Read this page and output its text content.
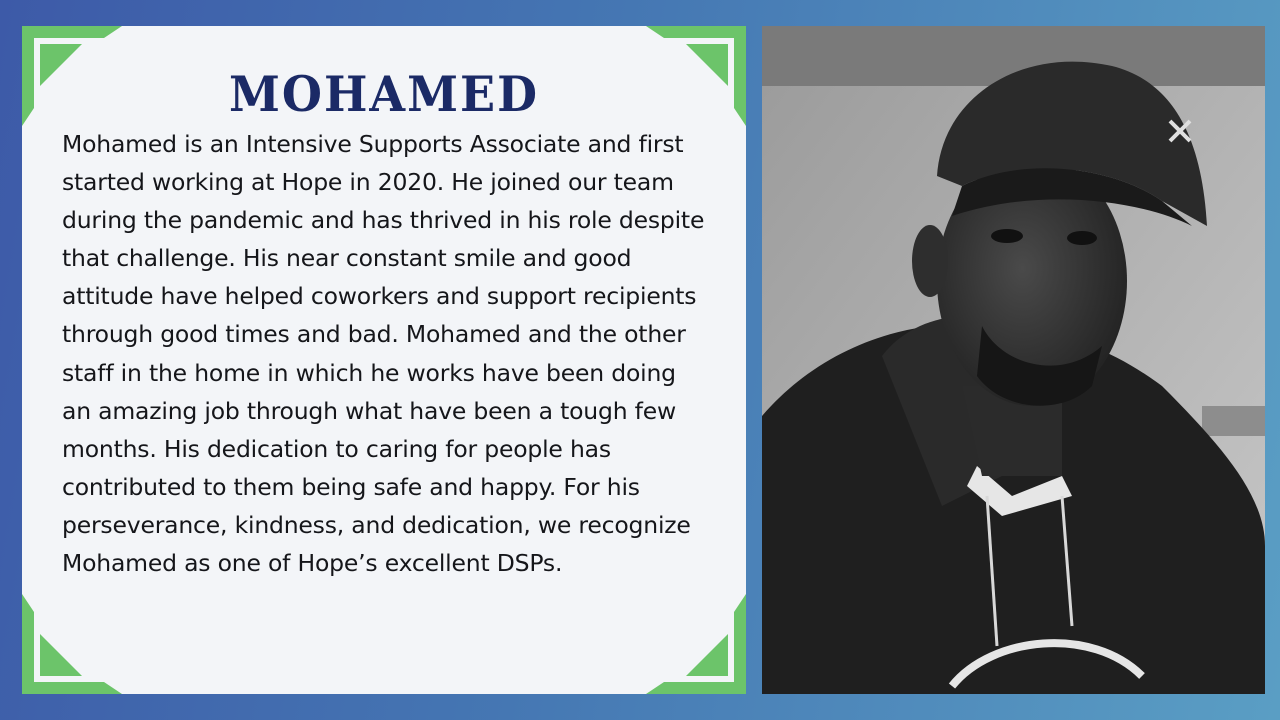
MOHAMED

Mohamed is an Intensive Supports Associate and first started working at Hope in 2020. He joined our team during the pandemic and has thrived in his role despite that challenge. His near constant smile and good attitude have helped coworkers and support recipients through good times and bad. Mohamed and the other staff in the home in which he works have been doing an amazing job through what have been a tough few months. His dedication to caring for people has contributed to them being safe and happy. For his perseverance, kindness, and dedication, we recognize Mohamed as one of Hope’s excellent DSPs.
